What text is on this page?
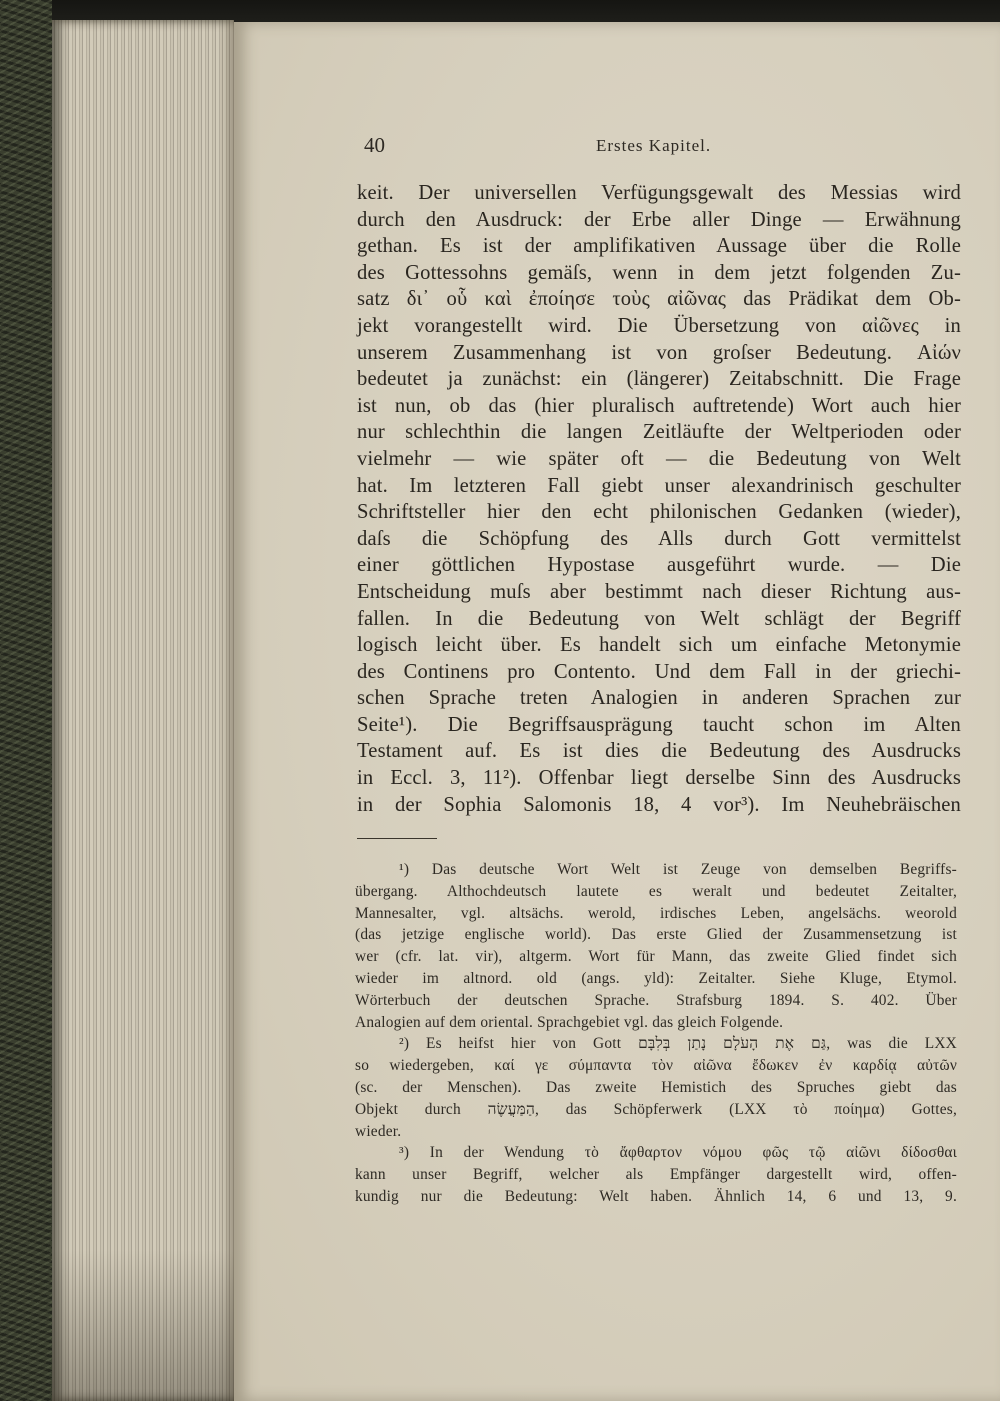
40	Erstes Kapitel.
keit. Der universellen Verfügungsgewalt des Messias wird
durch den Ausdruck: der Erbe aller Dinge — Erwähnung
gethan. Es ist der amplifikativen Aussage über die Rolle
des Gottessohns gemäſs, wenn in dem jetzt folgenden Zu-
satz δι᾽ οὗ καὶ ἐποίησε τοὺς αἰῶνας das Prädikat dem Ob-
jekt vorangestellt wird. Die Übersetzung von αἰῶνες in
unserem Zusammenhang ist von groſser Bedeutung. Αἰών
bedeutet ja zunächst: ein (längerer) Zeitabschnitt. Die Frage
ist nun, ob das (hier pluralisch auftretende) Wort auch hier
nur schlechthin die langen Zeitläufte der Weltperioden oder
vielmehr — wie später oft — die Bedeutung von Welt
hat. Im letzteren Fall giebt unser alexandrinisch geschulter
Schriftsteller hier den echt philonischen Gedanken (wieder),
daſs die Schöpfung des Alls durch Gott vermittelst
einer göttlichen Hypostase ausgeführt wurde. — Die
Entscheidung muſs aber bestimmt nach dieser Richtung aus-
fallen. In die Bedeutung von Welt schlägt der Begriff
logisch leicht über. Es handelt sich um einfache Metonymie
des Continens pro Contento. Und dem Fall in der griechi-
schen Sprache treten Analogien in anderen Sprachen zur
Seite¹). Die Begriffsausprägung taucht schon im Alten
Testament auf. Es ist dies die Bedeutung des Ausdrucks
in Eccl. 3, 11²). Offenbar liegt derselbe Sinn des Ausdrucks
in der Sophia Salomonis 18, 4 vor³). Im Neuhebräischen
¹) Das deutsche Wort Welt ist Zeuge von demselben Begriffs-
übergang. Althochdeutsch lautete es weralt und bedeutet Zeitalter,
Mannesalter, vgl. altsächs. werold, irdisches Leben, angelsächs. weorold
(das jetzige englische world). Das erste Glied der Zusammensetzung ist
wer (cfr. lat. vir), altgerm. Wort für Mann, das zweite Glied findet sich
wieder im altnord. old (angs. yld): Zeitalter. Siehe Kluge, Etymol.
Wörterbuch der deutschen Sprache. Strafsburg 1894. S. 402. Über
Analogien auf dem oriental. Sprachgebiet vgl. das gleich Folgende.
²) Es heifst hier von Gott גַּם אֶת הָעֹלָם נָתַן בְּלִבָּם, was die LXX
so wiedergeben, καί γε σύμπαντα τὸν αἰῶνα ἔδωκεν ἐν καρδίᾳ αὐτῶν
(sc. der Menschen). Das zweite Hemistich des Spruches giebt das
Objekt durch הַמַּעֲשֶׂה, das Schöpferwerk (LXX τὸ ποίημα) Gottes,
wieder.
³) In der Wendung τὸ ἄφθαρτον νόμου φῶς τῷ αἰῶνι δίδοσθαι
kann unser Begriff, welcher als Empfänger dargestellt wird, offen-
kundig nur die Bedeutung: Welt haben. Ähnlich 14, 6 und 13, 9.
